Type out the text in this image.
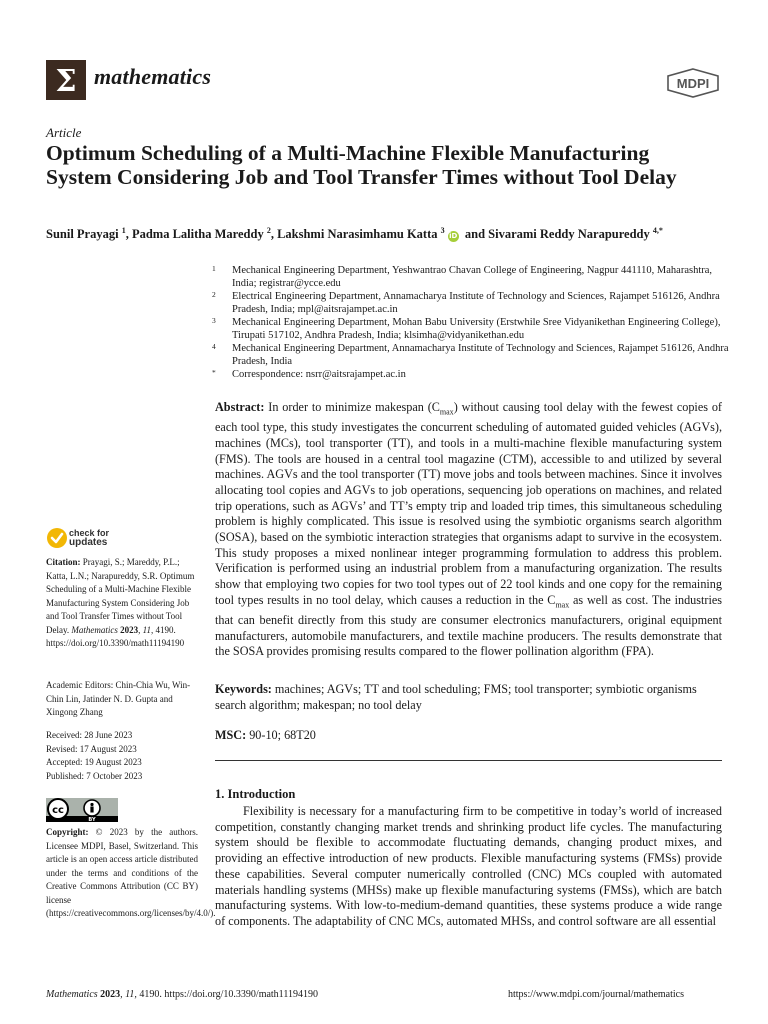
Σ mathematics	MDPI
Article
Optimum Scheduling of a Multi-Machine Flexible Manufacturing System Considering Job and Tool Transfer Times without Tool Delay
Sunil Prayagi $^1$, Padma Lalitha Mareddy $^2$, Lakshmi Narasimhamu Katta $^3$ iD and Sivarami Reddy Narapureddy $^{4,*}$
1 Mechanical Engineering Department, Yeshwantrao Chavan College of Engineering, Nagpur 441110, Maharashtra, India; registrar@ycce.edu
2 Electrical Engineering Department, Annamacharya Institute of Technology and Sciences, Rajampet 516126, Andhra Pradesh, India; mpl@aitsrajampet.ac.in
3 Mechanical Engineering Department, Mohan Babu University (Erstwhile Sree Vidyanikethan Engineering College), Tirupati 517102, Andhra Pradesh, India; klsimha@vidyanikethan.edu
4 Mechanical Engineering Department, Annamacharya Institute of Technology and Sciences, Rajampet 516126, Andhra Pradesh, India
* Correspondence: nsrr@aitsrajampet.ac.in
Abstract: In order to minimize makespan $(C_{max})$ without causing tool delay with the fewest copies of each tool type, this study investigates the concurrent scheduling of automated guided vehicles (AGVs), machines (MCs), tool transporter (TT), and tools in a multi-machine flexible manufacturing system (FMS). The tools are housed in a central tool magazine (CTM), accessible to and utilized by several machines. AGVs and the tool transporter (TT) move jobs and tools between machines. Since it involves allocating tool copies and AGVs to job operations, sequencing job operations on machines, and related trip operations, such as AGVs’ and TT’s empty trip and loaded trip times, this simultaneous scheduling problem is highly complicated. This issue is resolved using the symbiotic organisms search algorithm (SOSA), based on the symbiotic interaction strategies that organisms adapt to survive in the ecosystem. This study proposes a mixed nonlinear integer programming formulation to address this problem. Verification is performed using an industrial problem from a manufacturing organization. The results show that employing two copies for two tool types out of 22 tool kinds and one copy for the remaining tool types results in no tool delay, which causes a reduction in the $C_{max}$ as well as cost. The industries that can benefit directly from this study are consumer electronics manufacturers, original equipment manufacturers, automobile manufacturers, and textile machine producers. The results demonstrate that the SOSA provides promising results compared to the flower pollination algorithm (FPA).
Keywords: machines; AGVs; TT and tool scheduling; FMS; tool transporter; symbiotic organisms search algorithm; makespan; no tool delay
MSC: 90-10; 68T20
1. Introduction
Flexibility is necessary for a manufacturing firm to be competitive in today’s world of increased competition, constantly changing market trends and shrinking product life cycles. The manufacturing system should be flexible to accommodate fluctuating demands, changing product mixes, and providing an effective introduction of new products. Flexible manufacturing systems (FMSs) provide these capabilities. Several computer numerically controlled (CNC) MCs coupled with automated materials handling systems (MHSs) make up flexible manufacturing systems (FMSs), which are batch manufacturing systems. With low-to-medium-demand quantities, these systems produce a wide range of components. The adaptability of CNC MCs, automated MHSs, and control software are all essential
check for
updates
Citation: Prayagi, S.; Mareddy, P.L.; Katta, L.N.; Narapureddy, S.R. Optimum Scheduling of a Multi-Machine Flexible Manufacturing System Considering Job and Tool Transfer Times without Tool Delay. Mathematics 2023, 11, 4190. https://doi.org/10.3390/math11194190
Academic Editors: Chin-Chia Wu, Win-Chin Lin, Jatinder N. D. Gupta and Xingong Zhang
Received: 28 June 2023
Revised: 17 August 2023
Accepted: 19 August 2023
Published: 7 October 2023
cc
BY
Copyright: © 2023 by the authors. Licensee MDPI, Basel, Switzerland. This article is an open access article distributed under the terms and conditions of the Creative Commons Attribution (CC BY) license (https://creativecommons.org/licenses/by/4.0/).
Mathematics 2023, 11, 4190. https://doi.org/10.3390/math11194190	https://www.mdpi.com/journal/mathematics
